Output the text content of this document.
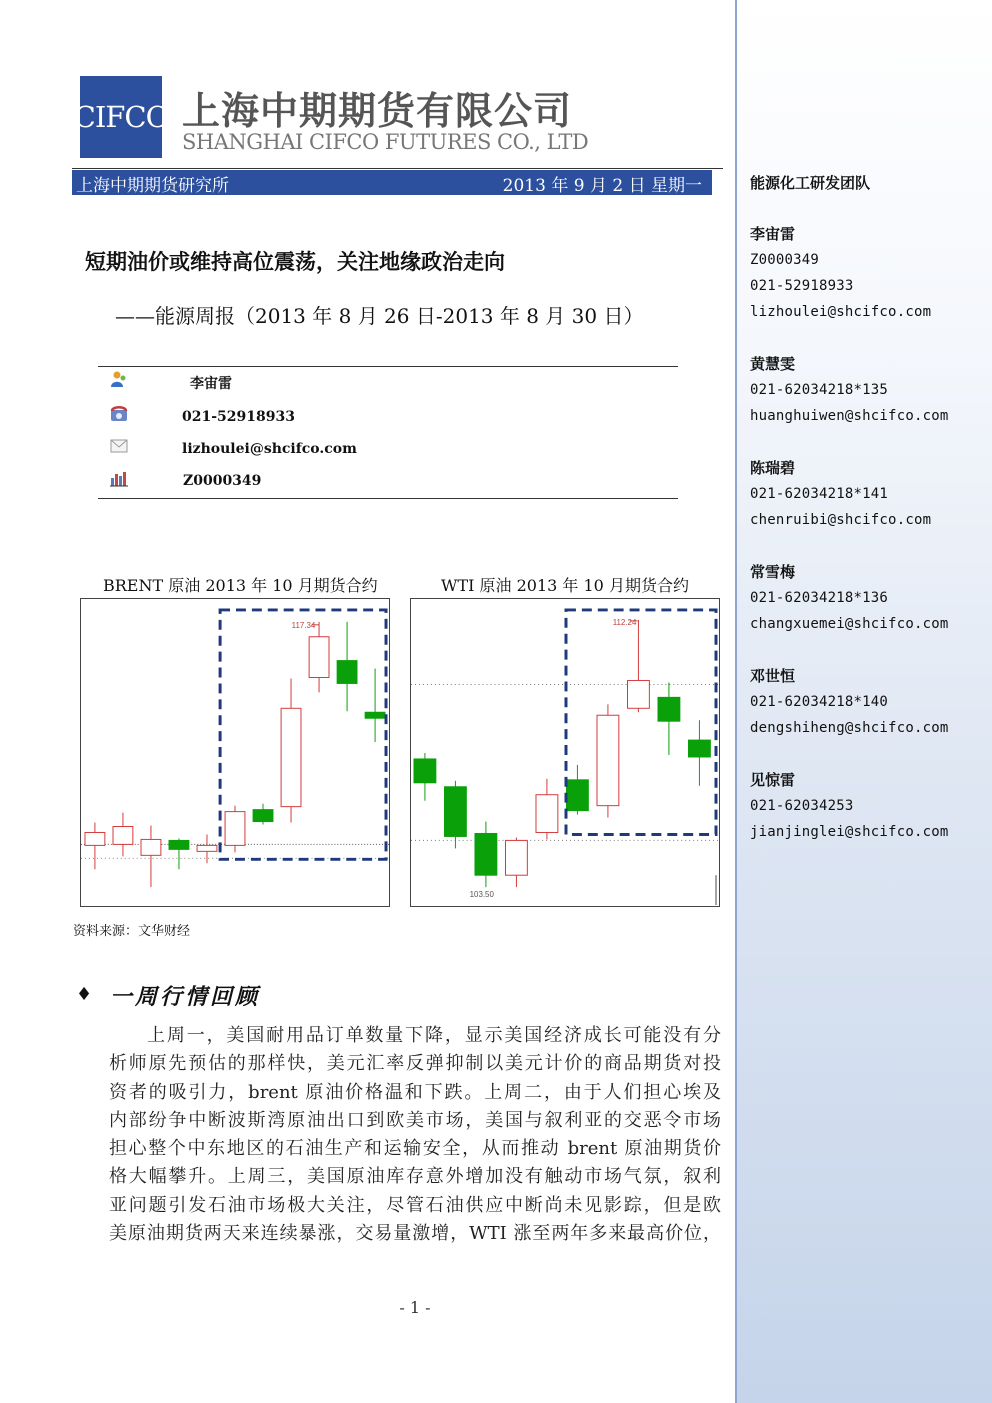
能源化工研发团队
李宙雷
Z0000349
021-52918933
lizhoulei@shcifco.com
黄慧雯
021-62034218*135
huanghuiwen@shcifco.com
陈瑞碧
021-62034218*141
chenruibi@shcifco.com
常雪梅
021-62034218*136
changxuemei@shcifco.com
邓世恒
021-62034218*140
dengshiheng@shcifco.com
见惊雷
021-62034253
jianjinglei@shcifco.com
CIFCO 上海中期期货有限公司
SHANGHAI CIFCO FUTURES CO., LTD
上海中期期货研究所	2013 年 9 月 2 日 星期一
短期油价或维持高位震荡，关注地缘政治走向
——能源周报（2013 年 8 月 26 日-2013 年 8 月 30 日）
李宙雷
021-52918933
lizhoulei@shcifco.com
Z0000349
BRENT 原油 2013 年 10 月期货合约	WTI 原油 2013 年 10 月期货合约
117.34	112.24
103.50
资料来源：文华财经
♦ 一周行情回顾
上周一，美国耐用品订单数量下降，显示美国经济成长可能没有分
析师原先预估的那样快，美元汇率反弹抑制以美元计价的商品期货对投
资者的吸引力，brent 原油价格温和下跌。上周二，由于人们担心埃及
内部纷争中断波斯湾原油出口到欧美市场，美国与叙利亚的交恶令市场
担心整个中东地区的石油生产和运输安全，从而推动 brent 原油期货价
格大幅攀升。上周三，美国原油库存意外增加没有触动市场气氛，叙利
亚问题引发石油市场极大关注，尽管石油供应中断尚未见影踪，但是欧
美原油期货两天来连续暴涨，交易量激增，WTI 涨至两年多来最高价位，
- 1 -
